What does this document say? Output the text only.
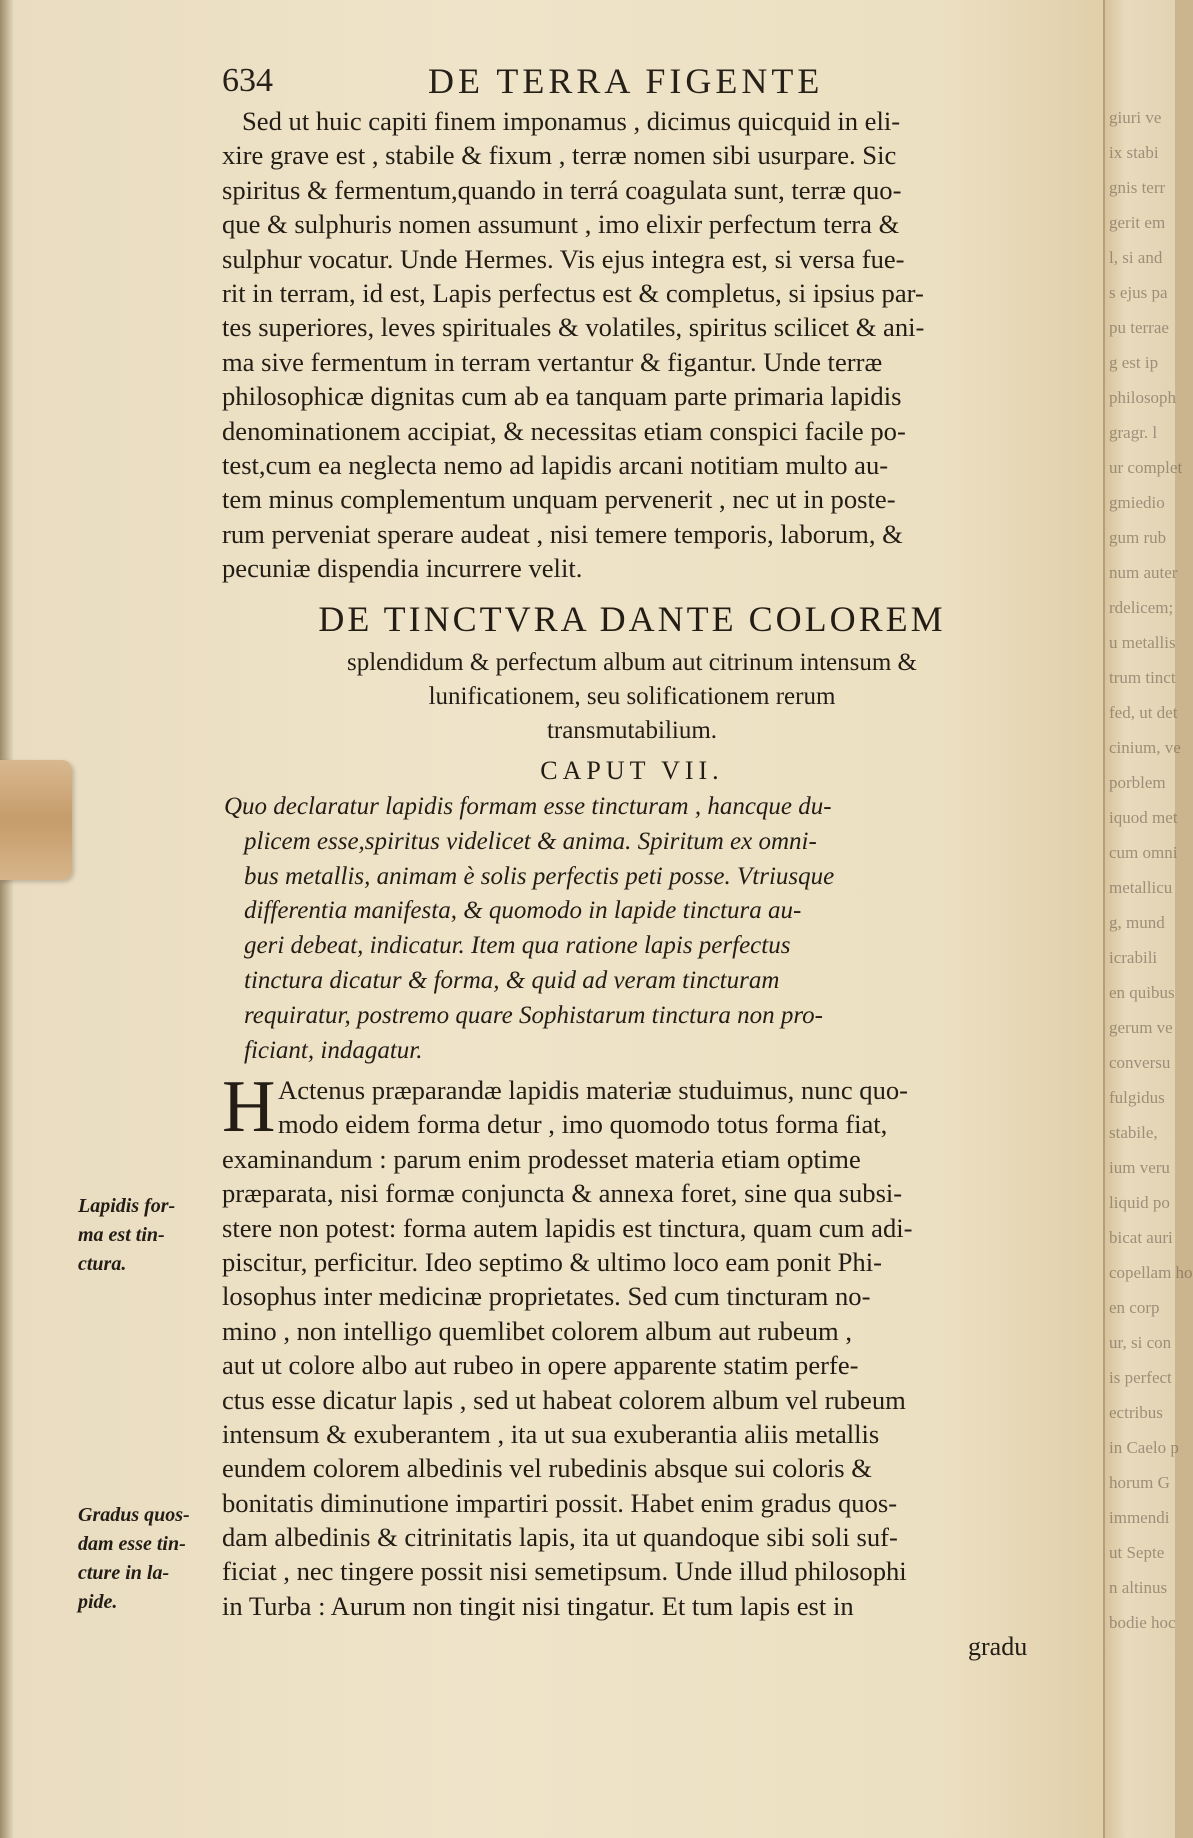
giuri ve
ix stabi
gnis terr
gerit em
l, si and
s ejus pa
pu terrae
g est ip
philosoph
gragr. l
ur complet
gmiedio
gum rub
num auter
rdelicem;
u metallis
trum tinct
fed, ut det
cinium, ve
porblem
iquod met
cum omni
metallicu
g, mund
icrabili
en quibus
gerum ve
conversu
fulgidus
stabile,
ium veru
liquid po
bicat auri
copellam ho
en corp
ur, si con
is perfect
ectribus
in Caelo p
horum G
immendi
ut Septe
n altinus
bodie hoc
634	DE TERRA FIGENTE
Sed ut huic capiti finem imponamus , dicimus quicquid in eli-
xire grave est , stabile & fixum , terræ nomen sibi usurpare. Sic
spiritus & fermentum,quando in terrá coagulata sunt, terræ quo-
que & sulphuris nomen assumunt , imo elixir perfectum terra &
sulphur vocatur. Unde Hermes. Vis ejus integra est, si versa fue-
rit in terram, id est, Lapis perfectus est & completus, si ipsius par-
tes superiores, leves spirituales & volatiles, spiritus scilicet & ani-
ma sive fermentum in terram vertantur & figantur. Unde terræ
philosophicæ dignitas cum ab ea tanquam parte primaria lapidis
denominationem accipiat, & necessitas etiam conspici facile po-
test,cum ea neglecta nemo ad lapidis arcani notitiam multo au-
tem minus complementum unquam pervenerit , nec ut in poste-
rum perveniat sperare audeat , nisi temere temporis, laborum, &
pecuniæ dispendia incurrere velit.
DE TINCTVRA DANTE COLOREM
splendidum & perfectum album aut citrinum intensum &
lunificationem, seu solificationem rerum
transmutabilium.
CAPUT VII.
Quo declaratur lapidis formam esse tincturam , hancque du-
plicem esse,spiritus videlicet & anima. Spiritum ex omni-
bus metallis, animam è solis perfectis peti posse. Vtriusque
differentia manifesta, & quomodo in lapide tinctura au-
geri debeat, indicatur. Item qua ratione lapis perfectus
tinctura dicatur & forma, & quid ad veram tincturam
requiratur, postremo quare Sophistarum tinctura non pro-
ficiant, indagatur.
H Actenus præparandæ lapidis materiæ studuimus, nunc quo-
modo eidem forma detur , imo quomodo totus forma fiat,
examinandum : parum enim prodesset materia etiam optime
præparata, nisi formæ conjuncta & annexa foret, sine qua subsi-
stere non potest: forma autem lapidis est tinctura, quam cum adi-
piscitur, perficitur. Ideo septimo & ultimo loco eam ponit Phi-
losophus inter medicinæ proprietates. Sed cum tincturam no-
mino , non intelligo quemlibet colorem album aut rubeum ,
aut ut colore albo aut rubeo in opere apparente statim perfe-
ctus esse dicatur lapis , sed ut habeat colorem album vel rubeum
intensum & exuberantem , ita ut sua exuberantia aliis metallis
eundem colorem albedinis vel rubedinis absque sui coloris &
bonitatis diminutione impartiri possit. Habet enim gradus quos-
dam albedinis & citrinitatis lapis, ita ut quandoque sibi soli suf-
ficiat , nec tingere possit nisi semetipsum. Unde illud philosophi
in Turba : Aurum non tingit nisi tingatur. Et tum lapis est in
Lapidis for-
ma est tin-
ctura.
Gradus quos-
dam esse tin-
cture in la-
pide.
gradu
